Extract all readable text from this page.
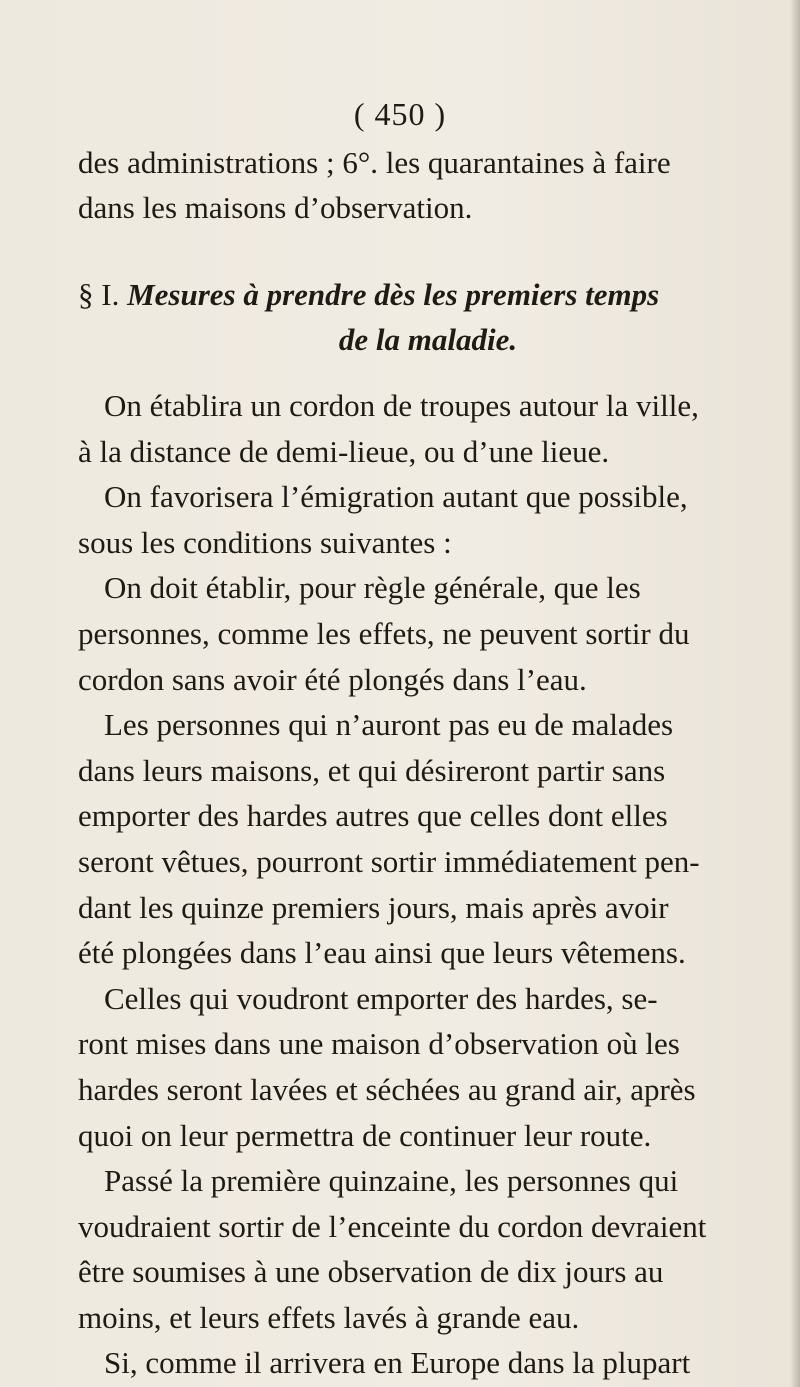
( 450 )
des administrations ; 6°. les quarantaines à faire
dans les maisons d’observation.
§ I. Mesures à prendre dès les premiers temps
de la maladie.
On établira un cordon de troupes autour la ville,
à la distance de demi-lieue, ou d’une lieue.
On favorisera l’émigration autant que possible,
sous les conditions suivantes :
On doit établir, pour règle générale, que les
personnes, comme les effets, ne peuvent sortir du
cordon sans avoir été plongés dans l’eau.
Les personnes qui n’auront pas eu de malades
dans leurs maisons, et qui désireront partir sans
emporter des hardes autres que celles dont elles
seront vêtues, pourront sortir immédiatement pen-
dant les quinze premiers jours, mais après avoir
été plongées dans l’eau ainsi que leurs vêtemens.
Celles qui voudront emporter des hardes, se-
ront mises dans une maison d’observation où les
hardes seront lavées et séchées au grand air, après
quoi on leur permettra de continuer leur route.
Passé la première quinzaine, les personnes qui
voudraient sortir de l’enceinte du cordon devraient
être soumises à une observation de dix jours au
moins, et leurs effets lavés à grande eau.
Si, comme il arrivera en Europe dans la plupart
